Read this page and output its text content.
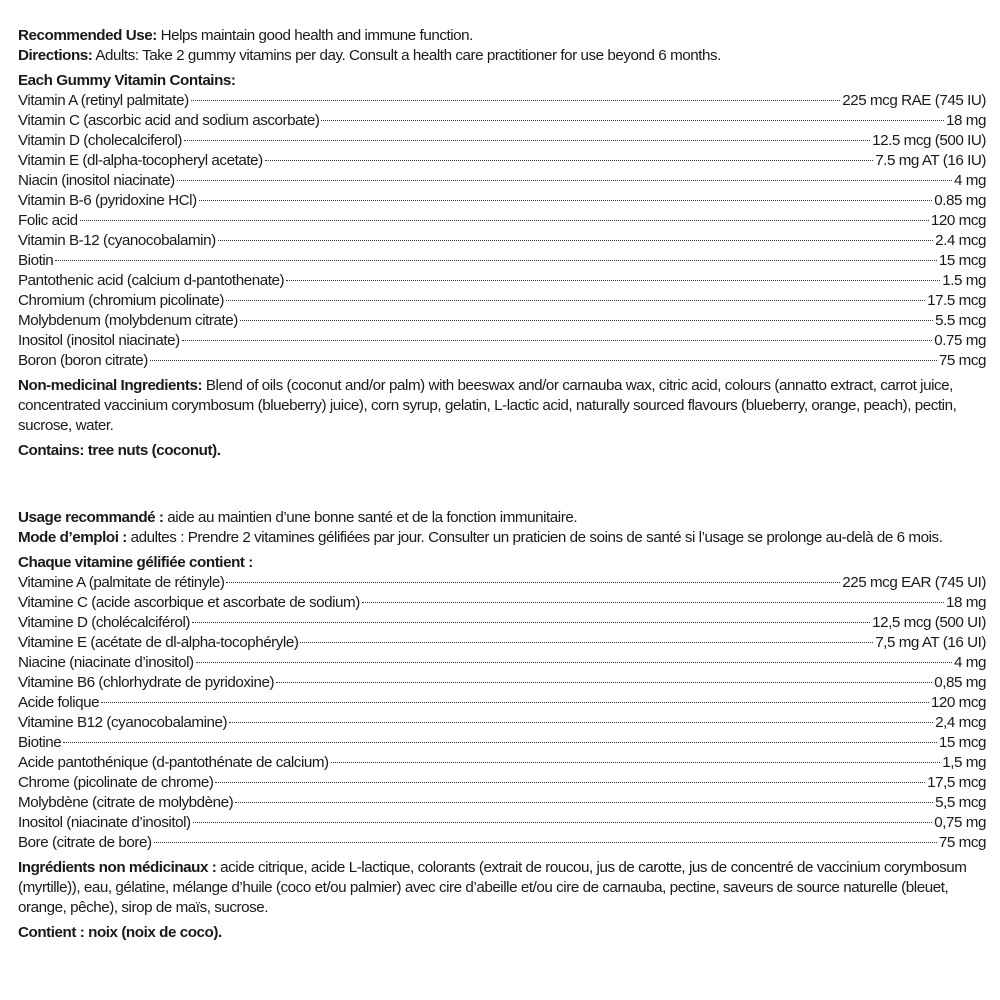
Recommended Use: Helps maintain good health and immune function.

Directions: Adults: Take 2 gummy vitamins per day. Consult a health care practitioner for use beyond 6 months.

Each Gummy Vitamin Contains:
Vitamin A (retinyl palmitate)	225 mcg RAE (745 IU)
Vitamin C (ascorbic acid and sodium ascorbate)	18 mg
Vitamin D (cholecalciferol)	12.5 mcg (500 IU)
Vitamin E (dl-alpha-tocopheryl acetate)	7.5 mg AT (16 IU)
Niacin (inositol niacinate)	4 mg
Vitamin B-6 (pyridoxine HCl)	0.85 mg
Folic acid	120 mcg
Vitamin B-12 (cyanocobalamin)	2.4 mcg
Biotin	15 mcg
Pantothenic acid (calcium d-pantothenate)	1.5 mg
Chromium (chromium picolinate)	17.5 mcg
Molybdenum (molybdenum citrate)	5.5 mcg
Inositol (inositol niacinate)	0.75 mg
Boron (boron citrate)	75 mcg

Non-medicinal Ingredients: Blend of oils (coconut and/or palm) with beeswax and/or carnauba wax, citric acid, colours (annatto extract, carrot juice, concentrated vaccinium corymbosum (blueberry) juice), corn syrup, gelatin, L-lactic acid, naturally sourced flavours (blueberry, orange, peach), pectin, sucrose, water.

Contains: tree nuts (coconut).

Usage recommandé : aide au maintien d’une bonne santé et de la fonction immunitaire.

Mode d’emploi : adultes : Prendre 2 vitamines gélifiées par jour. Consulter un praticien de soins de santé si l’usage se prolonge au-delà de 6 mois.

Chaque vitamine gélifiée contient :
Vitamine A (palmitate de rétinyle)	225 mcg EAR (745 UI)
Vitamine C (acide ascorbique et ascorbate de sodium)	18 mg
Vitamine D (cholécalciférol)	12,5 mcg (500 UI)
Vitamine E (acétate de dl-alpha-tocophéryle)	7,5 mg AT (16 UI)
Niacine (niacinate d’inositol)	4 mg
Vitamine B6 (chlorhydrate de pyridoxine)	0,85 mg
Acide folique	120 mcg
Vitamine B12 (cyanocobalamine)	2,4 mcg
Biotine	15 mcg
Acide pantothénique (d-pantothénate de calcium)	1,5 mg
Chrome (picolinate de chrome)	17,5 mcg
Molybdène (citrate de molybdène)	5,5 mcg
Inositol (niacinate d’inositol)	0,75 mg
Bore (citrate de bore)	75 mcg

Ingrédients non médicinaux : acide citrique, acide L-lactique, colorants (extrait de roucou, jus de carotte, jus de concentré de vaccinium corymbosum (myrtille)), eau, gélatine, mélange d’huile (coco et/ou palmier) avec cire d’abeille et/ou cire de carnauba, pectine, saveurs de source naturelle (bleuet, orange, pêche), sirop de maïs, sucrose.

Contient : noix (noix de coco).
